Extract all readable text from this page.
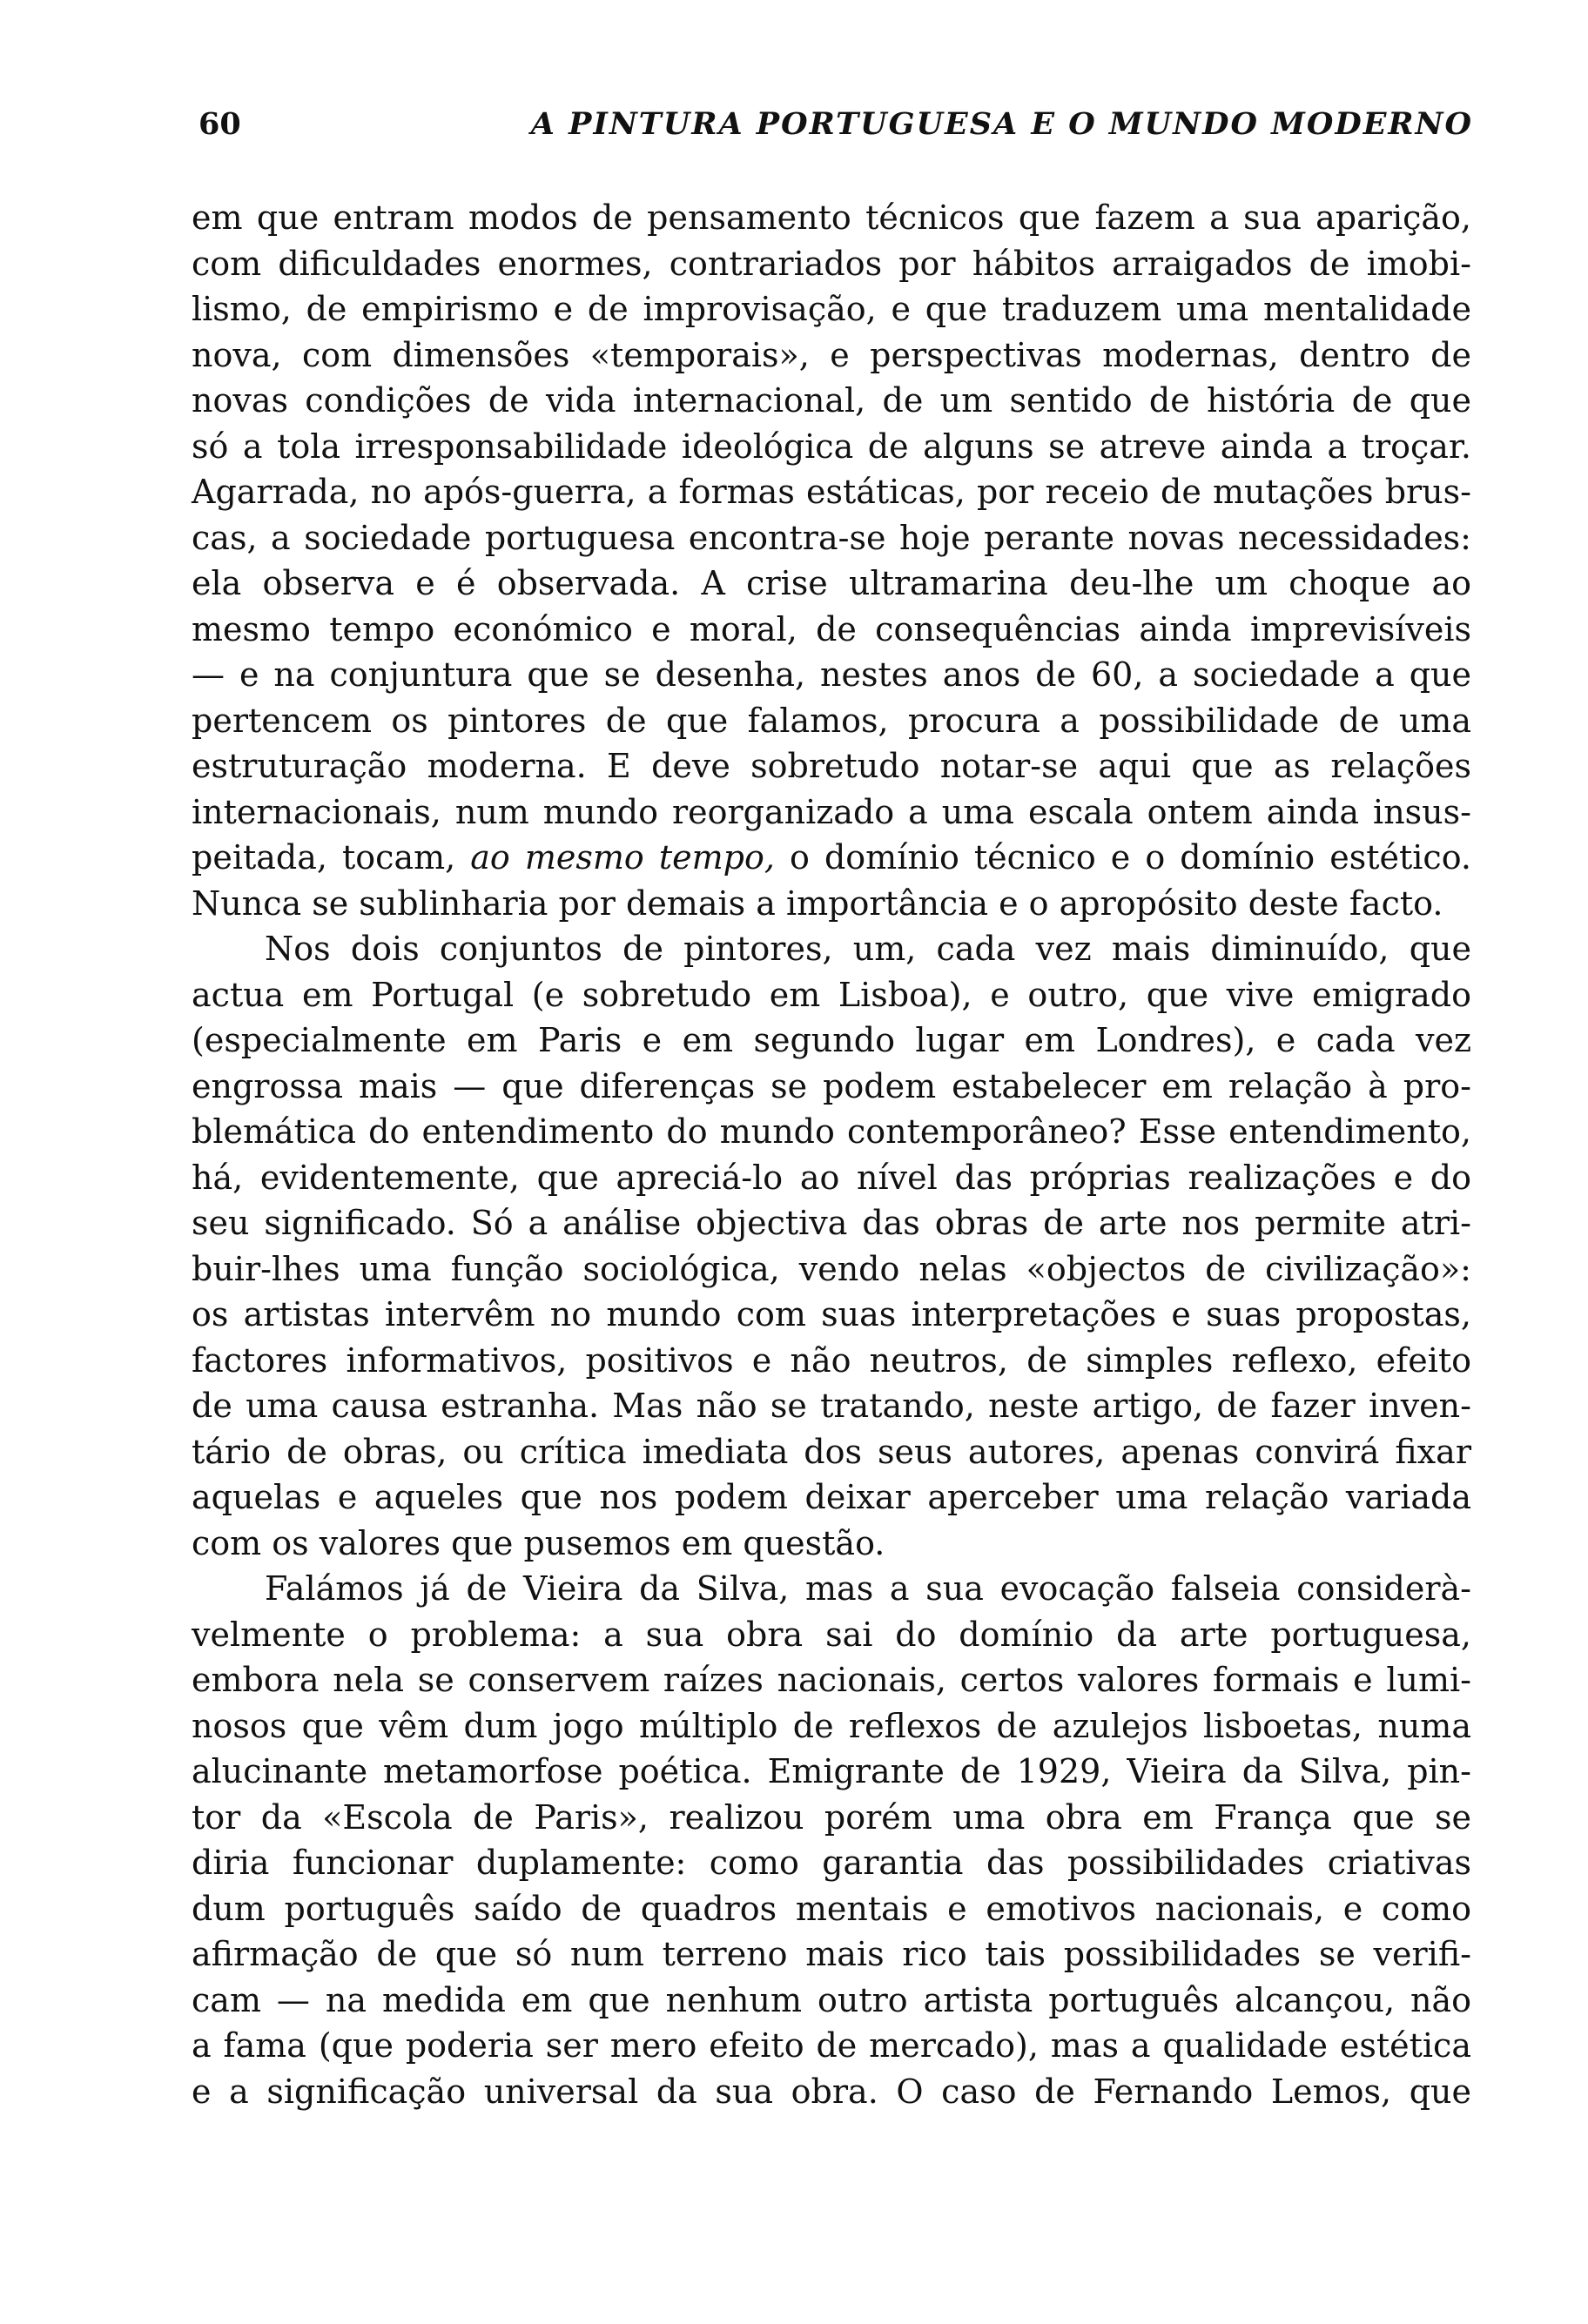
60	A PINTURA PORTUGUESA E O MUNDO MODERNO
em que entram modos de pensamento técnicos que fazem a sua aparição,
com dificuldades enormes, contrariados por hábitos arraigados de imobi-
lismo, de empirismo e de improvisação, e que traduzem uma mentalidade
nova, com dimensões «temporais», e perspectivas modernas, dentro de
novas condições de vida internacional, de um sentido de história de que
só a tola irresponsabilidade ideológica de alguns se atreve ainda a troçar.
Agarrada, no após-guerra, a formas estáticas, por receio de mutações brus-
cas, a sociedade portuguesa encontra-se hoje perante novas necessidades:
ela observa e é observada. A crise ultramarina deu-lhe um choque ao
mesmo tempo económico e moral, de consequências ainda imprevisíveis
— e na conjuntura que se desenha, nestes anos de 60, a sociedade a que
pertencem os pintores de que falamos, procura a possibilidade de uma
estruturação moderna. E deve sobretudo notar-se aqui que as relações
internacionais, num mundo reorganizado a uma escala ontem ainda insus-
peitada, tocam, ao mesmo tempo, o domínio técnico e o domínio estético.
Nunca se sublinharia por demais a importância e o apropósito deste facto.
Nos dois conjuntos de pintores, um, cada vez mais diminuído, que
actua em Portugal (e sobretudo em Lisboa), e outro, que vive emigrado
(especialmente em Paris e em segundo lugar em Londres), e cada vez
engrossa mais — que diferenças se podem estabelecer em relação à pro-
blemática do entendimento do mundo contemporâneo? Esse entendimento,
há, evidentemente, que apreciá-lo ao nível das próprias realizações e do
seu significado. Só a análise objectiva das obras de arte nos permite atri-
buir-lhes uma função sociológica, vendo nelas «objectos de civilização»:
os artistas intervêm no mundo com suas interpretações e suas propostas,
factores informativos, positivos e não neutros, de simples reflexo, efeito
de uma causa estranha. Mas não se tratando, neste artigo, de fazer inven-
tário de obras, ou crítica imediata dos seus autores, apenas convirá fixar
aquelas e aqueles que nos podem deixar aperceber uma relação variada
com os valores que pusemos em questão.
Falámos já de Vieira da Silva, mas a sua evocação falseia considerà-
velmente o problema: a sua obra sai do domínio da arte portuguesa,
embora nela se conservem raízes nacionais, certos valores formais e lumi-
nosos que vêm dum jogo múltiplo de reflexos de azulejos lisboetas, numa
alucinante metamorfose poética. Emigrante de 1929, Vieira da Silva, pin-
tor da «Escola de Paris», realizou porém uma obra em França que se
diria funcionar duplamente: como garantia das possibilidades criativas
dum português saído de quadros mentais e emotivos nacionais, e como
afirmação de que só num terreno mais rico tais possibilidades se verifi-
cam — na medida em que nenhum outro artista português alcançou, não
a fama (que poderia ser mero efeito de mercado), mas a qualidade estética
e a significação universal da sua obra. O caso de Fernando Lemos, que
